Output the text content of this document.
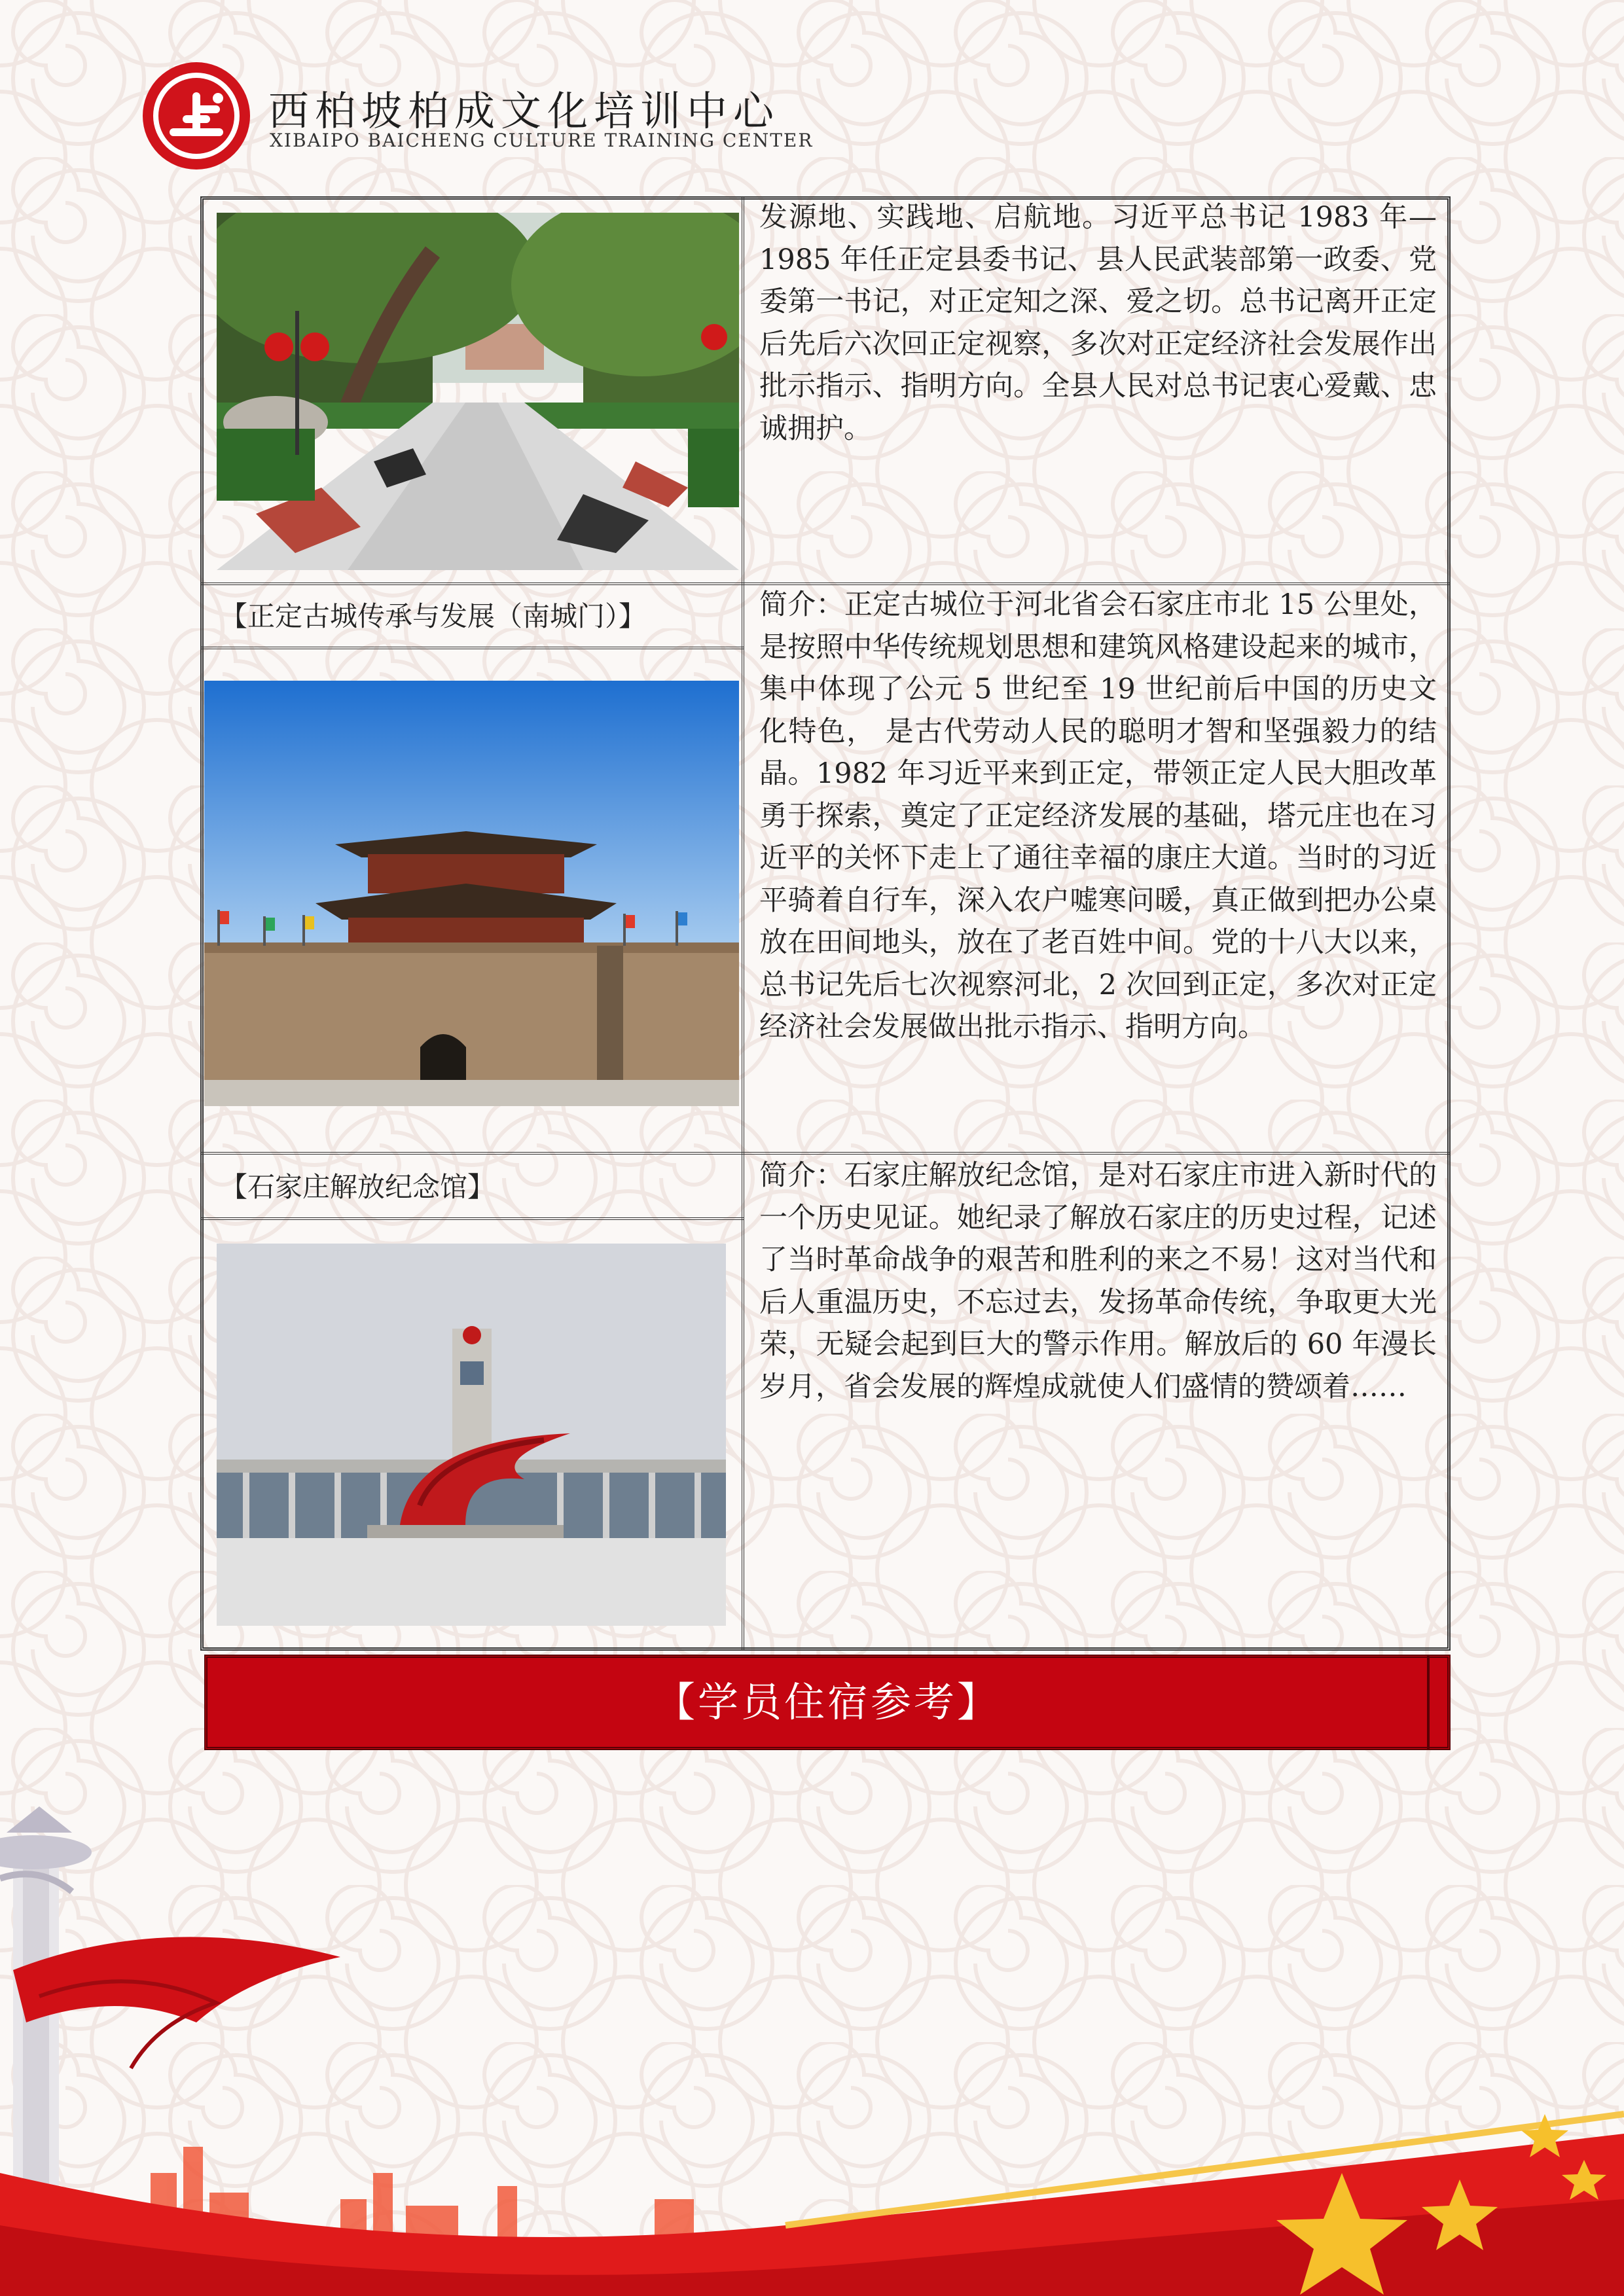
西柏坡柏成文化培训中心
XIBAIPO BAICHENG CULTURE TRAINING CENTER

发源地、实践地、启航地。习近平总书记 1983 年—1985 年任正定县委书记、县人民武装部第一政委、党委第一书记，对正定知之深、爱之切。总书记离开正定后先后六次回正定视察，多次对正定经济社会发展作出批示指示、指明方向。全县人民对总书记衷心爱戴、忠诚拥护。

【正定古城传承与发展（南城门）】	简介：正定古城位于河北省会石家庄市北 15 公里处，是按照中华传统规划思想和建筑风格建设起来的城市，集中体现了公元 5 世纪至 19 世纪前后中国的历史文化特色， 是古代劳动人民的聪明才智和坚强毅力的结晶。1982 年习近平来到正定，带领正定人民大胆改革勇于探索，奠定了正定经济发展的基础，塔元庄也在习近平的关怀下走上了通往幸福的康庄大道。当时的习近平骑着自行车，深入农户嘘寒问暖，真正做到把办公桌放在田间地头，放在了老百姓中间。党的十八大以来，总书记先后七次视察河北，2 次回到正定，多次对正定经济社会发展做出批示指示、指明方向。

【石家庄解放纪念馆】	简介：石家庄解放纪念馆，是对石家庄市进入新时代的一个历史见证。她纪录了解放石家庄的历史过程，记述了当时革命战争的艰苦和胜利的来之不易！这对当代和后人重温历史，不忘过去，发扬革命传统，争取更大光荣，无疑会起到巨大的警示作用。解放后的 60 年漫长岁月，省会发展的辉煌成就使人们盛情的赞颂着……

【学员住宿参考】
